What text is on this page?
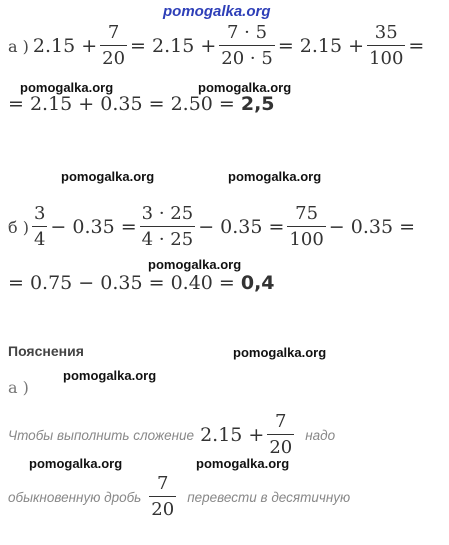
pomogalka.org
а ) $2.15 + \frac{7}{20} = 2.15 + \frac{7 \cdot 5}{20 \cdot 5} = 2.15 + \frac{35}{100}$ =
pomogalka.org	pomogalka.org
= 2.15 + 0.35 = 2.50 = 2,5
pomogalka.org	pomogalka.org
б ) $\frac{3}{4} - 0.35 = \frac{3 \cdot 25}{4 \cdot 25} - 0.35 = \frac{75}{100} - 0.35$ =
pomogalka.org
= 0.75 − 0.35 = 0.40 = 0,4
Пояснения	pomogalka.org
а )
pomogalka.org
Чтобы выполнить сложение $2.15 + \frac{7}{20}$ надо
pomogalka.org	pomogalka.org
обыкновенную дробь $\frac{7}{20}$ перевести в десятичную
